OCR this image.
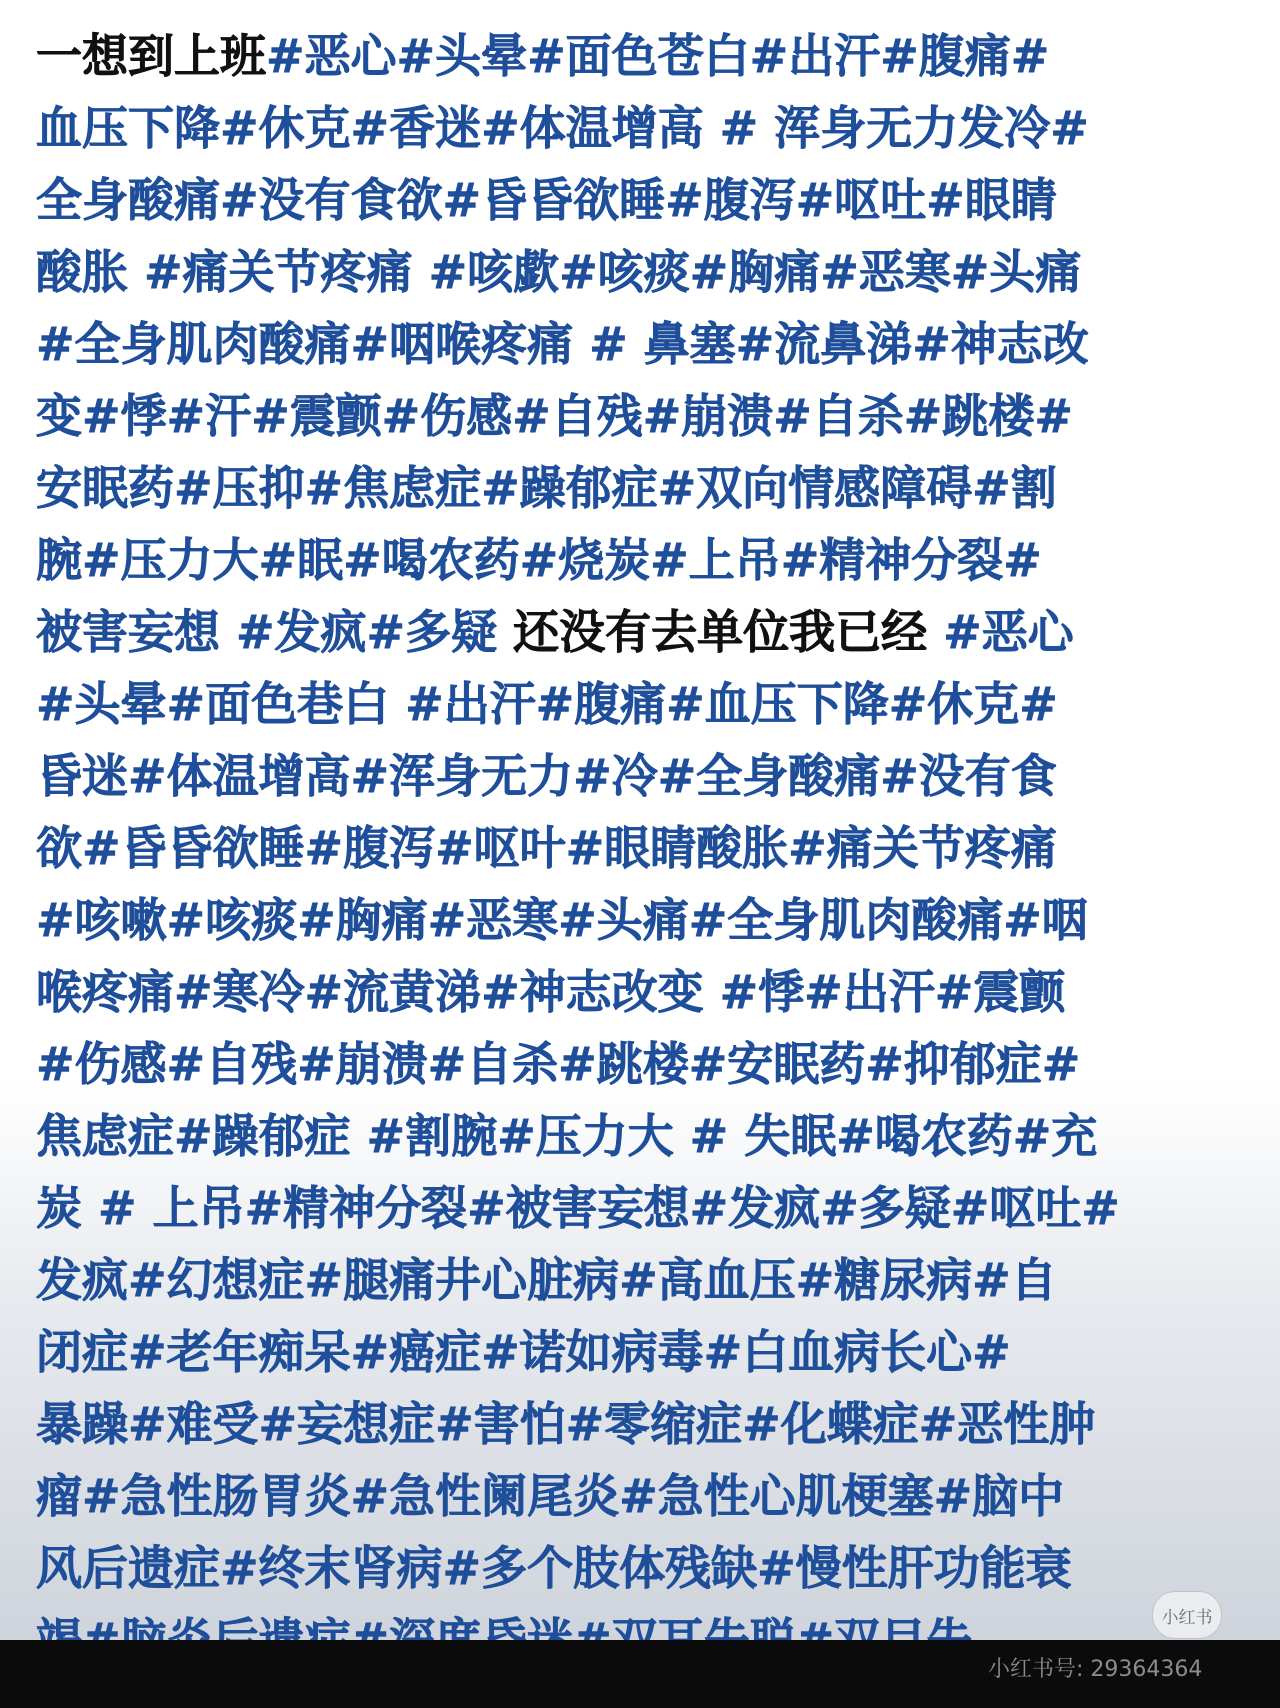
一想到上班#恶心#头晕#面色苍白#出汗#腹痛#
血压下降#休克#香迷#体温增高 # 浑身无力发冷#
全身酸痛#没有食欲#昏昏欲睡#腹泻#呕吐#眼睛
酸胀 #痛关节疼痛 #咳歔#咳痰#胸痛#恶寒#头痛
#全身肌肉酸痛#咽喉疼痛 # 鼻塞#流鼻涕#神志改
变#悸#汗#震颤#伤感#自残#崩溃#自杀#跳楼#
安眠药#压抑#焦虑症#躁郁症#双向情感障碍#割
腕#压力大#眠#喝农药#烧炭#上吊#精神分裂#
被害妄想 #发疯#多疑 还没有去单位我已经 #恶心
#头晕#面色巷白 #出汗#腹痛#血压下降#休克#
昏迷#体温增高#浑身无力#冷#全身酸痛#没有食
欲#昏昏欲睡#腹泻#呕叶#眼睛酸胀#痛关节疼痛
#咳嗽#咳痰#胸痛#恶寒#头痛#全身肌肉酸痛#咽
喉疼痛#寒冷#流黄涕#神志改变 #悸#出汗#震颤
#伤感#自残#崩溃#自杀#跳楼#安眠药#抑郁症#
焦虑症#躁郁症 #割腕#压力大 # 失眠#喝农药#充
炭 # 上吊#精神分裂#被害妄想#发疯#多疑#呕吐#
发疯#幻想症#腿痛井心脏病#高血压#糖尿病#自
闭症#老年痴呆#癌症#诺如病毒#白血病长心#
暴躁#难受#妄想症#害怕#零缩症#化蝶症#恶性肿
瘤#急性肠胃炎#急性阑尾炎#急性心肌梗塞#脑中
风后遗症#终末肾病#多个肢体残缺#慢性肝功能衰
小红书
小红书号: 29364364
